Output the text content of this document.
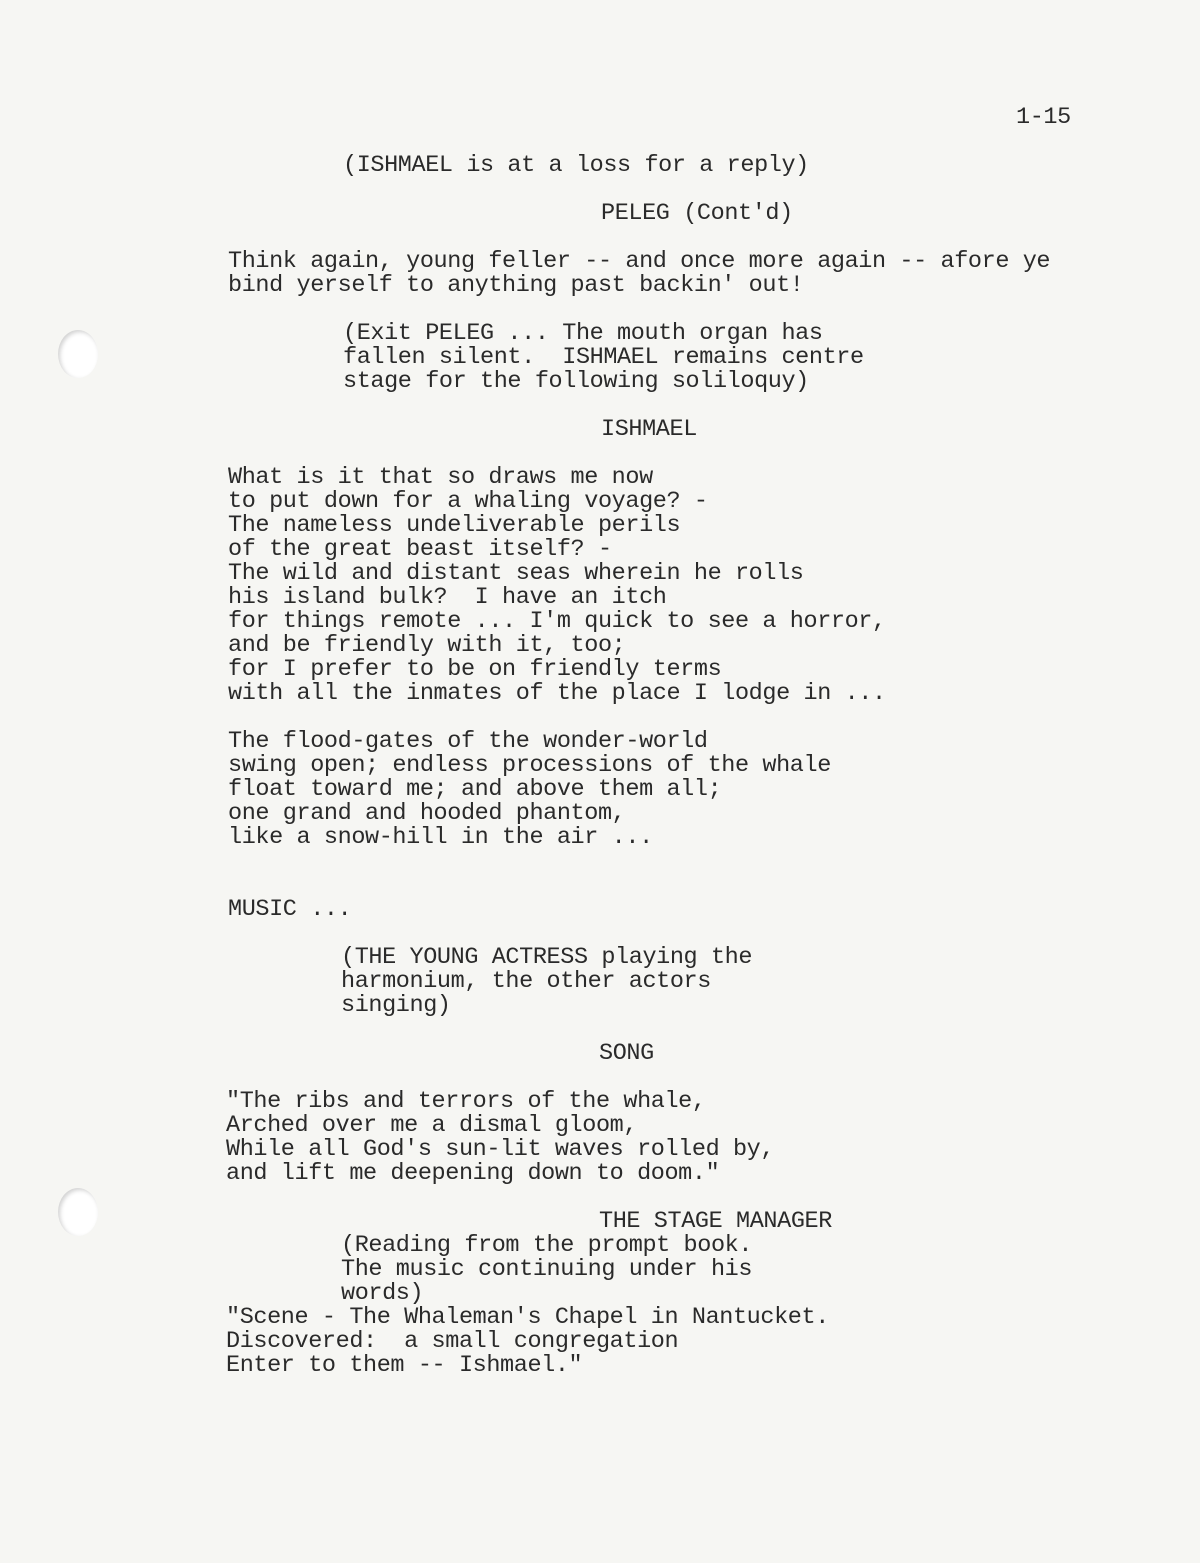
1-15
(ISHMAEL is at a loss for a reply)
PELEG (Cont'd)
Think again, young feller -- and once more again -- afore ye
bind yerself to anything past backin' out!
(Exit PELEG ... The mouth organ has
fallen silent.  ISHMAEL remains centre
stage for the following soliloquy)
ISHMAEL
What is it that so draws me now
to put down for a whaling voyage? -
The nameless undeliverable perils
of the great beast itself? -
The wild and distant seas wherein he rolls
his island bulk?  I have an itch
for things remote ... I'm quick to see a horror,
and be friendly with it, too;
for I prefer to be on friendly terms
with all the inmates of the place I lodge in ...
The flood-gates of the wonder-world
swing open; endless processions of the whale
float toward me; and above them all;
one grand and hooded phantom,
like a snow-hill in the air ...
MUSIC ...
(THE YOUNG ACTRESS playing the
harmonium, the other actors
singing)
SONG
"The ribs and terrors of the whale,
Arched over me a dismal gloom,
While all God's sun-lit waves rolled by,
and lift me deepening down to doom."
THE STAGE MANAGER
(Reading from the prompt book.
The music continuing under his
words)
"Scene - The Whaleman's Chapel in Nantucket.
Discovered:  a small congregation
Enter to them -- Ishmael."
